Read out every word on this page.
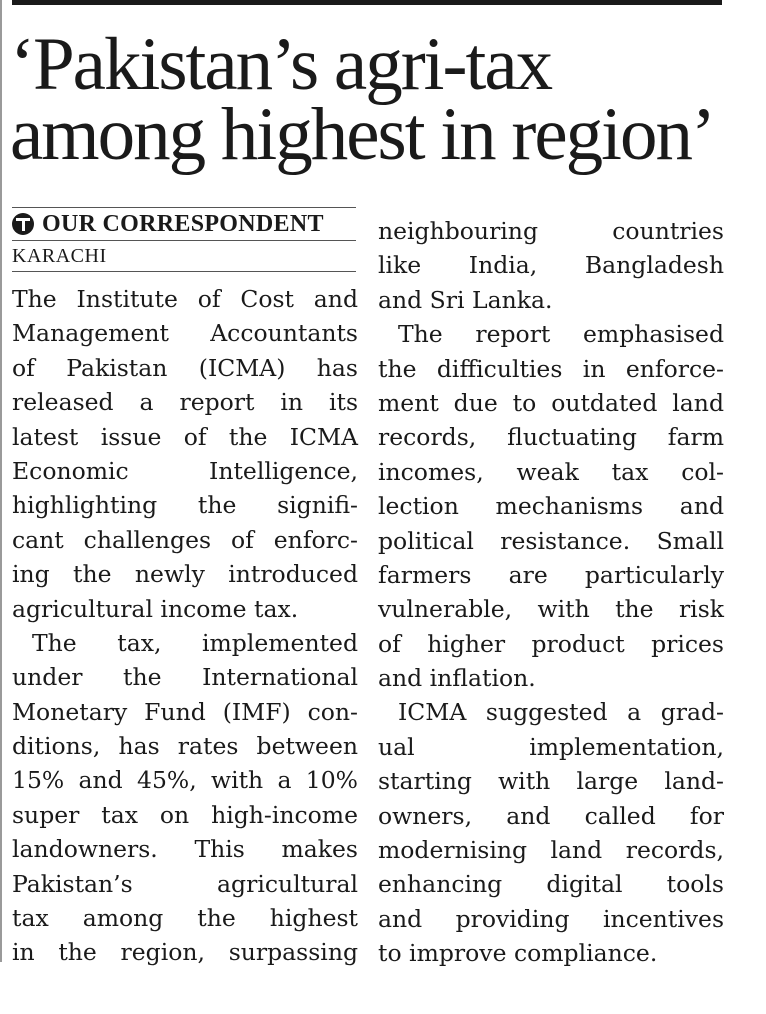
‘Pakistan’s agri-tax
among highest in region’
OUR CORRESPONDENT
KARACHI
The Institute of Cost and
Management Accountants
of Pakistan (ICMA) has
released a report in its
latest issue of the ICMA
Economic Intelligence,
highlighting the signifi-
cant challenges of enforc-
ing the newly introduced
agricultural income tax.
The tax, implemented
under the International
Monetary Fund (IMF) con-
ditions, has rates between
15% and 45%, with a 10%
super tax on high-income
landowners. This makes
Pakistan’s agricultural
tax among the highest
in the region, surpassing
neighbouring countries
like India, Bangladesh
and Sri Lanka.
The report emphasised
the difficulties in enforce-
ment due to outdated land
records, fluctuating farm
incomes, weak tax col-
lection mechanisms and
political resistance. Small
farmers are particularly
vulnerable, with the risk
of higher product prices
and inflation.
ICMA suggested a grad-
ual implementation,
starting with large land-
owners, and called for
modernising land records,
enhancing digital tools
and providing incentives
to improve compliance.
